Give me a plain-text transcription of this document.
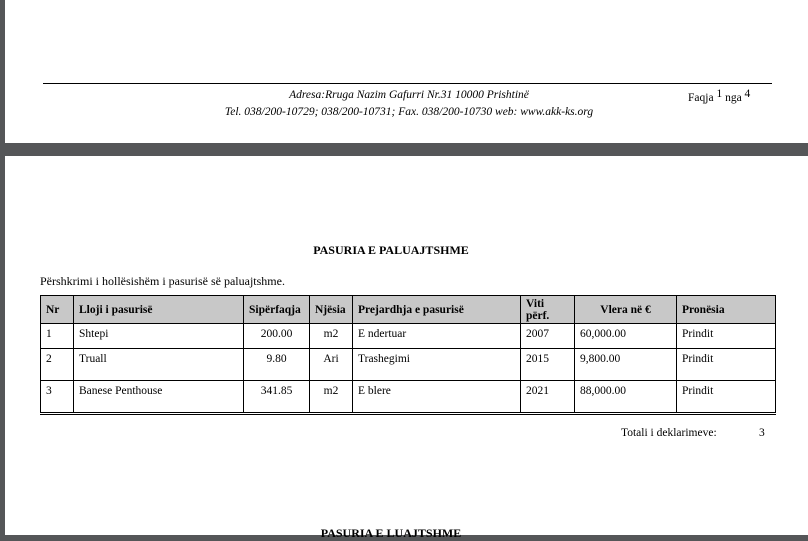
Adresa:Rruga Nazim Gafurri Nr.31 10000 Prishtinë
Tel. 038/200-10729; 038/200-10731; Fax. 038/200-10730 web: www.akk-ks.org
Faqja 1 nga 4
PASURIA E PALUAJTSHME
Përshkrimi i hollësishëm i pasurisë së paluajtshme.
Nr	Lloji i pasurisë	Sipërfaqja	Njësia	Prejardhja e pasurisë	Viti përf.	Vlera në €	Pronësia
1	Shtepi	200.00	m2	E ndertuar	2007	60,000.00	Prindit
2	Truall	9.80	Ari	Trashegimi	2015	9,800.00	Prindit
3	Banese Penthouse	341.85	m2	E blere	2021	88,000.00	Prindit
Totali i deklarimeve:	3
PASURIA E LUAJTSHME
